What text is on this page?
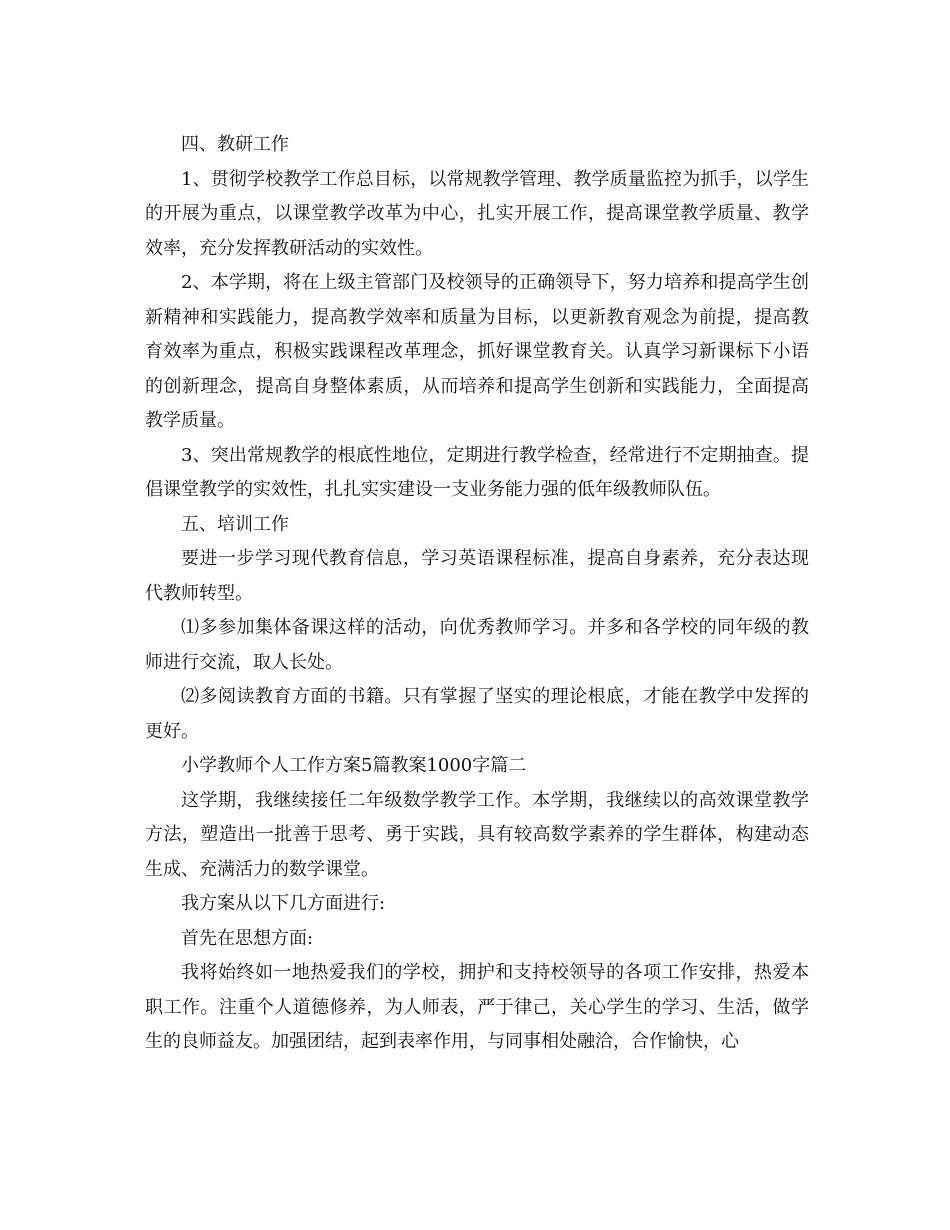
四、教研工作

1、贯彻学校教学工作总目标，以常规教学管理、教学质量监控为抓手，以学生的开展为重点，以课堂教学改革为中心，扎实开展工作，提高课堂教学质量、教学效率，充分发挥教研活动的实效性。

2、本学期，将在上级主管部门及校领导的正确领导下，努力培养和提高学生创新精神和实践能力，提高教学效率和质量为目标，以更新教育观念为前提，提高教育效率为重点，积极实践课程改革理念，抓好课堂教育关。认真学习新课标下小语的创新理念，提高自身整体素质，从而培养和提高学生创新和实践能力，全面提高教学质量。

3、突出常规教学的根底性地位，定期进行教学检查，经常进行不定期抽查。提倡课堂教学的实效性，扎扎实实建设一支业务能力强的低年级教师队伍。

五、培训工作

要进一步学习现代教育信息，学习英语课程标准，提高自身素养，充分表达现代教师转型。

⑴多参加集体备课这样的活动，向优秀教师学习。并多和各学校的同年级的教师进行交流，取人长处。

⑵多阅读教育方面的书籍。只有掌握了坚实的理论根底，才能在教学中发挥的更好。

小学教师个人工作方案5篇教案1000字篇二

这学期，我继续接任二年级数学教学工作。本学期，我继续以的高效课堂教学方法，塑造出一批善于思考、勇于实践，具有较高数学素养的学生群体，构建动态生成、充满活力的数学课堂。

我方案从以下几方面进行:

首先在思想方面:

我将始终如一地热爱我们的学校，拥护和支持校领导的各项工作安排，热爱本职工作。注重个人道德修养，为人师表，严于律己，关心学生的学习、生活，做学生的良师益友。加强团结，起到表率作用，与同事相处融洽，合作愉快，心
